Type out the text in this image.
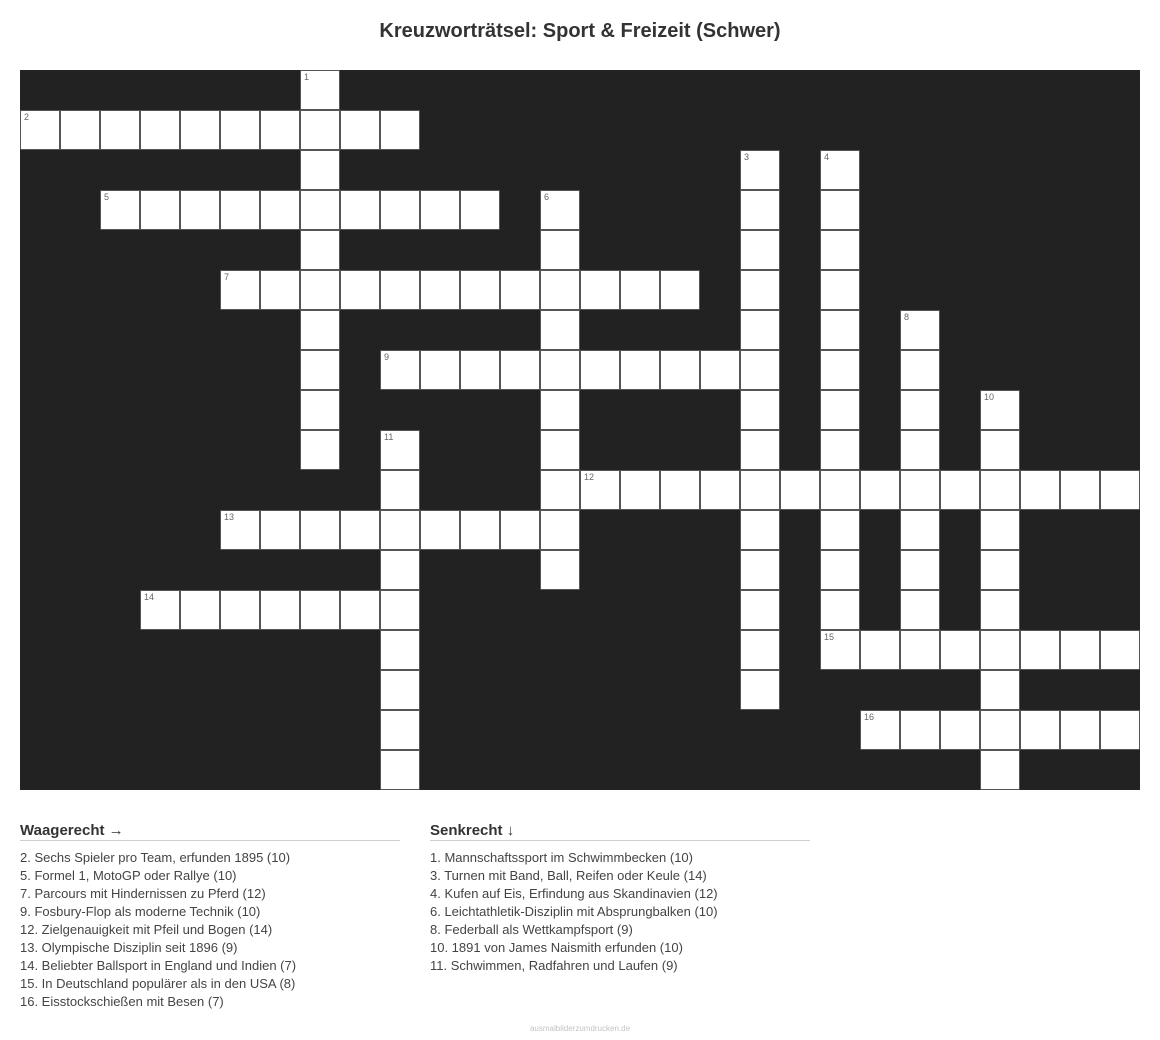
Kreuzworträtsel: Sport & Freizeit (Schwer)
1
2
3	4
5	6
7
8
9
10
11
12
13
14
15
16
Waagerecht →
2. Sechs Spieler pro Team, erfunden 1895 (10)
5. Formel 1, MotoGP oder Rallye (10)
7. Parcours mit Hindernissen zu Pferd (12)
9. Fosbury-Flop als moderne Technik (10)
12. Zielgenauigkeit mit Pfeil und Bogen (14)
13. Olympische Disziplin seit 1896 (9)
14. Beliebter Ballsport in England und Indien (7)
15. In Deutschland populärer als in den USA (8)
16. Eisstockschießen mit Besen (7)
Senkrecht ↓
1. Mannschaftssport im Schwimmbecken (10)
3. Turnen mit Band, Ball, Reifen oder Keule (14)
4. Kufen auf Eis, Erfindung aus Skandinavien (12)
6. Leichtathletik-Disziplin mit Absprungbalken (10)
8. Federball als Wettkampfsport (9)
10. 1891 von James Naismith erfunden (10)
11. Schwimmen, Radfahren und Laufen (9)
ausmalbilderzumdrucken.de
